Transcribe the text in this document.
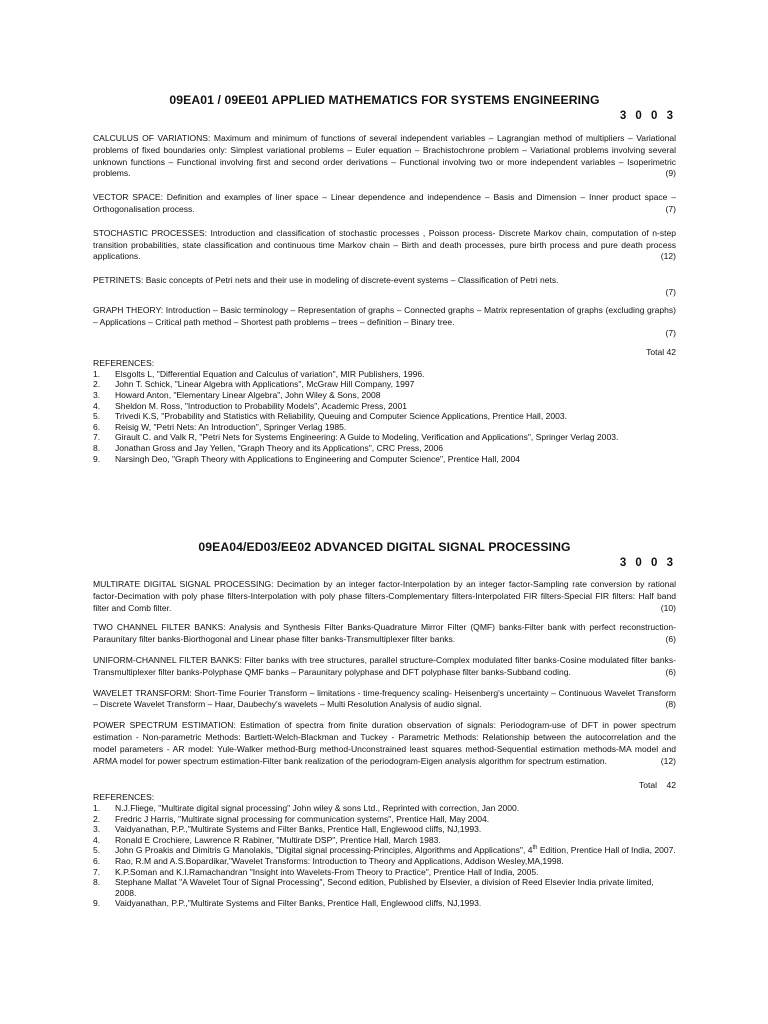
09EA01 / 09EE01 APPLIED MATHEMATICS FOR SYSTEMS ENGINEERING
3 0 0 3
CALCULUS OF VARIATIONS: Maximum and minimum of functions of several independent variables – Lagrangian method of multipliers – Variational problems of fixed boundaries only: Simplest variational problems – Euler equation – Brachistochrone problem – Variational problems involving several unknown functions – Functional involving first and second order derivations – Functional involving two or more independent variables – Isoperimetric problems.	(9)
VECTOR SPACE: Definition and examples of liner space – Linear dependence and independence – Basis and Dimension – Inner product space – Orthogonalisation process.	(7)
STOCHASTIC PROCESSES: Introduction and classification of stochastic processes , Poisson process- Discrete Markov chain, computation of n-step transition probabilities, state classification and continuous time Markov chain – Birth and death processes, pure birth process and pure death process applications.	(12)
PETRINETS: Basic concepts of Petri nets and their use in modeling of discrete-event systems – Classification of Petri nets.
(7)
GRAPH THEORY: Introduction – Basic terminology – Representation of graphs – Connected graphs – Matrix representation of graphs (excluding graphs) – Applications – Critical path method – Shortest path problems – trees – definition – Binary tree.
(7)
Total 42
REFERENCES:
1.	Elsgolts L, "Differential Equation and Calculus of variation", MIR Publishers, 1996.
2.	John T. Schick, "Linear Algebra with Applications", McGraw Hill Company, 1997
3.	Howard Anton, "Elementary Linear Algebra", John Wiley & Sons, 2008
4.	Sheldon M. Ross, "Introduction to Probability Models", Academic Press, 2001
5.	Trivedi K.S, "Probability and Statistics with Reliability, Queuing and Computer Science Applications, Prentice Hall, 2003.
6.	Reisig W, "Petri Nets: An Introduction", Springer Verlag 1985.
7.	Girault C. and Valk R, "Petri Nets for Systems Engineering: A Guide to Modeling, Verification and Applications", Springer Verlag 2003.
8.	Jonathan Gross and Jay Yellen, "Graph Theory and its Applications", CRC Press, 2006
9.	Narsingh Deo, "Graph Theory with Applications to Engineering and Computer Science", Prentice Hall, 2004
09EA04/ED03/EE02 ADVANCED DIGITAL SIGNAL PROCESSING
3 0 0 3
MULTIRATE DIGITAL SIGNAL PROCESSING: Decimation by an integer factor-Interpolation by an integer factor-Sampling rate conversion by rational factor-Decimation with poly phase filters-Interpolation with poly phase filters-Complementary filters-Interpolated FIR filters-Special FIR filters: Half band filter and Comb filter.	(10)
TWO CHANNEL FILTER BANKS: Analysis and Synthesis Filter Banks-Quadrature Mirror Filter (QMF) banks-Filter bank with perfect reconstruction- Paraunitary filter banks-Biorthogonal and Linear phase filter banks-Transmultiplexer filter banks.	(6)
UNIFORM-CHANNEL FILTER BANKS: Filter banks with tree structures, parallel structure-Complex modulated filter banks-Cosine modulated filter banks-Transmultiplexer filter banks-Polyphase QMF banks – Paraunitary polyphase and DFT polyphase filter banks-Subband coding.	(6)
WAVELET TRANSFORM: Short-Time Fourier Transform – limitations - time-frequency scaling- Heisenberg's uncertainty – Continuous Wavelet Transform – Discrete Wavelet Transform – Haar, Daubechy's wavelets – Multi Resolution Analysis of audio signal.	(8)
POWER SPECTRUM ESTIMATION: Estimation of spectra from finite duration observation of signals: Periodogram-use of DFT in power spectrum estimation - Non-parametric Methods: Bartlett-Welch-Blackman and Tuckey - Parametric Methods: Relationship between the autocorrelation and the model parameters - AR model: Yule-Walker method-Burg method-Unconstrained least squares method-Sequential estimation methods-MA model and ARMA model for power spectrum estimation-Filter bank realization of the periodogram-Eigen analysis algorithm for spectrum estimation.	(12)
Total    42
REFERENCES:
1.	N.J.Fliege, "Multirate digital signal processing" John wiley & sons Ltd., Reprinted with correction, Jan 2000.
2.	Fredric J Harris, "Multirate signal processing for communication systems", Prentice Hall, May 2004.
3.	Vaidyanathan, P.P.,"Multirate Systems and Filter Banks, Prentice Hall, Englewood cliffs, NJ,1993.
4.	Ronald E Crochiere, Lawrence R Rabiner, "Multirate DSP", Prentice Hall, March 1983.
5.	John G Proakis and Dimitris G Manolakis, "Digital signal processing-Principles, Algorithms and Applications", 4th Edition, Prentice Hall of India, 2007.
6.	Rao, R.M and A.S.Bopardikar,"Wavelet Transforms: Introduction to Theory and Applications, Addison Wesley,MA,1998.
7.	K.P.Soman and K.I.Ramachandran "Insight into Wavelets-From Theory to Practice", Prentice Hall of India, 2005.
8.	Stephane Mallat "A Wavelet Tour of Signal Processing", Second edition, Published by Elsevier, a division of Reed Elsevier India private limited, 2008.
9.	Vaidyanathan, P.P.,"Multirate Systems and Filter Banks, Prentice Hall, Englewood cliffs, NJ,1993.
